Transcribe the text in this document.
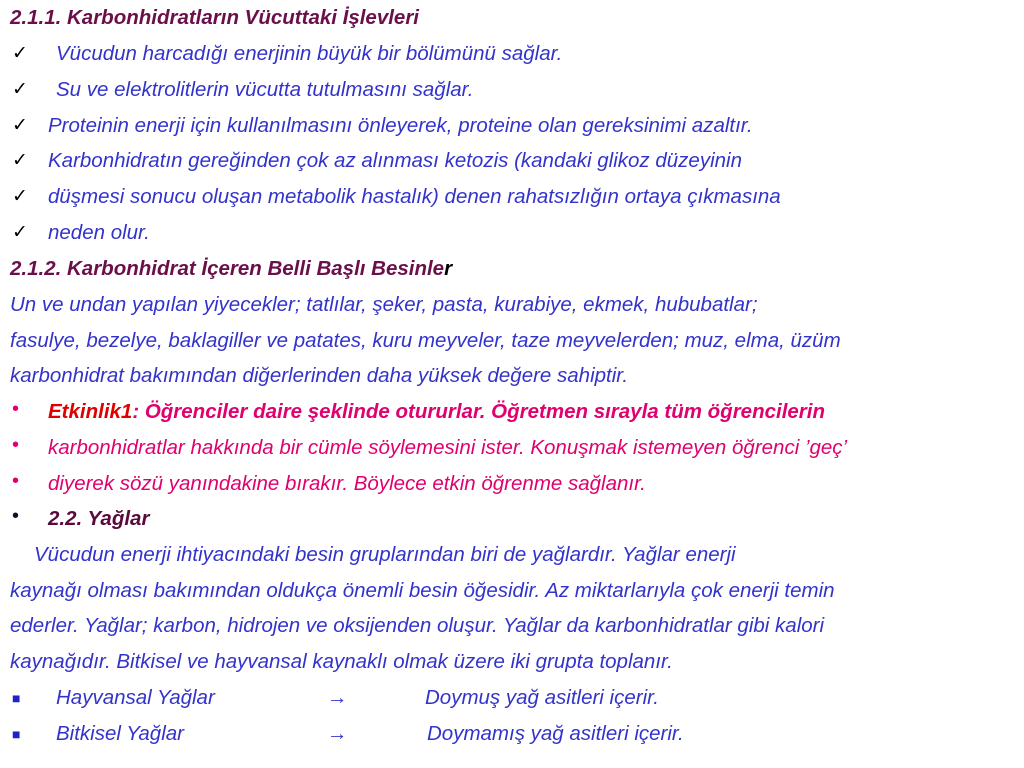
2.1.1. Karbonhidratların Vücuttaki İşlevleri
✓ Vücudun harcadığı enerjinin büyük bir bölümünü sağlar.
✓ Su ve elektrolitlerin vücutta tutulmasını sağlar.
✓ Proteinin enerji için kullanılmasını önleyerek, proteine olan gereksinimi azaltır.
✓ Karbonhidratın gereğinden çok az alınması ketozis (kandaki glikoz düzeyinin
✓ düşmesi sonucu oluşan metabolik hastalık) denen rahatsızlığın ortaya çıkmasına
✓ neden olur.
2.1.2. Karbonhidrat İçeren Belli Başlı Besinler
Un ve undan yapılan yiyecekler; tatlılar, şeker, pasta, kurabiye, ekmek, hububatlar;
fasulye, bezelye, baklagiller ve patates, kuru meyveler, taze meyvelerden; muz, elma, üzüm
karbonhidrat bakımından diğerlerinden daha yüksek değere sahiptir.
• Etkinlik1: Öğrenciler daire şeklinde otururlar. Öğretmen sırayla tüm öğrencilerin
• karbonhidratlar hakkında bir cümle söylemesini ister. Konuşmak istemeyen öğrenci ’geç’
• diyerek sözü yanındakine bırakır. Böylece etkin öğrenme sağlanır.
• 2.2. Yağlar
Vücudun enerji ihtiyacındaki besin gruplarından biri de yağlardır. Yağlar enerji
kaynağı olması bakımından oldukça önemli besin öğesidir. Az miktarlarıyla çok enerji temin
ederler. Yağlar; karbon, hidrojen ve oksijenden oluşur. Yağlar da karbonhidratlar gibi kalori
kaynağıdır. Bitkisel ve hayvansal kaynaklı olmak üzere iki grupta toplanır.
■ Hayvansal Yağlar	→	Doymuş yağ asitleri içerir.
■ Bitkisel Yağlar	→	Doymamış yağ asitleri içerir.
